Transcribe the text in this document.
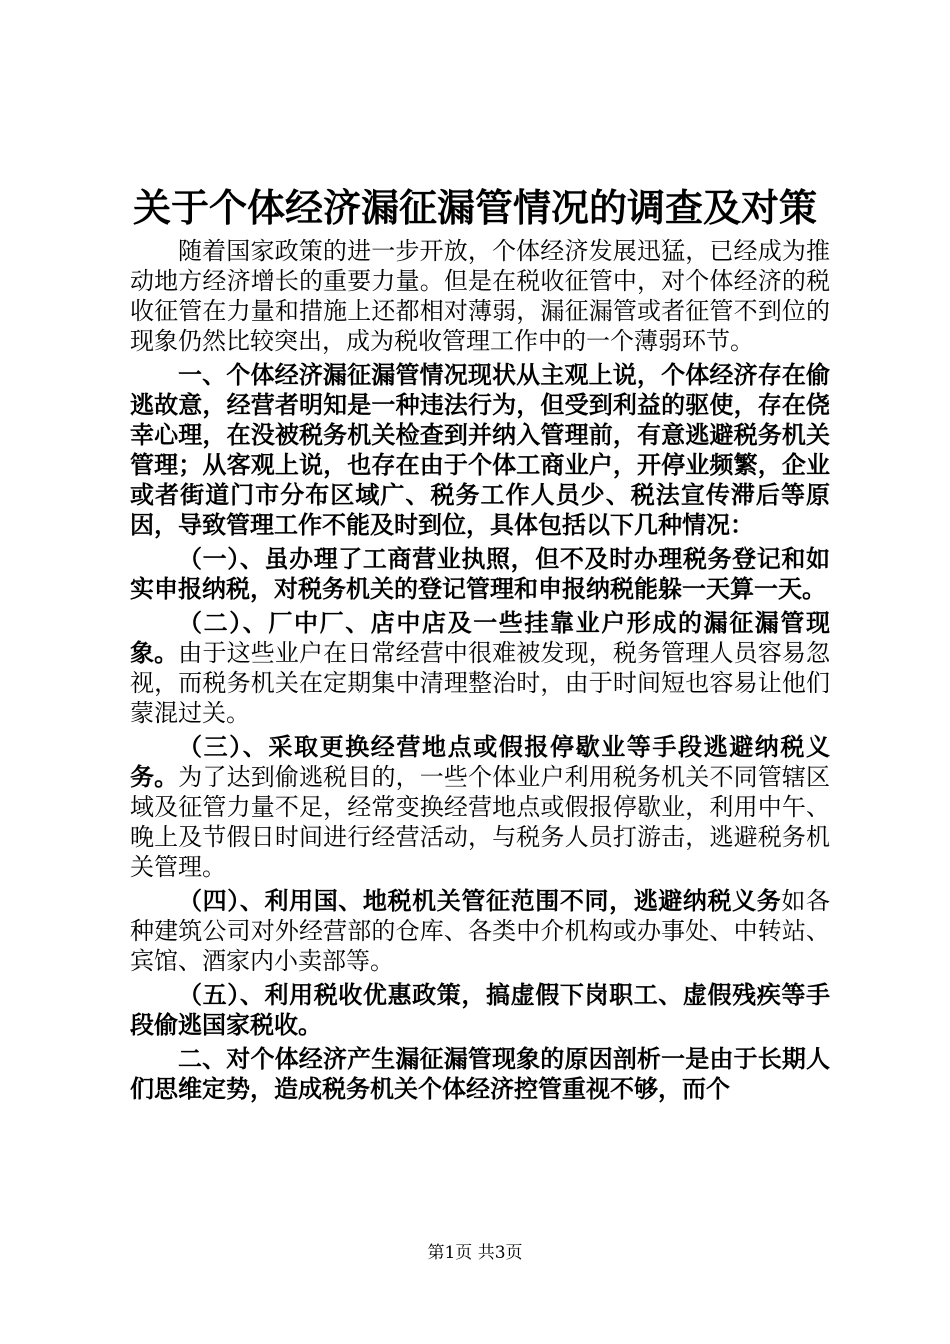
关于个体经济漏征漏管情况的调查及对策

随着国家政策的进一步开放，个体经济发展迅猛，已经成为推动地方经济增长的重要力量。但是在税收征管中，对个体经济的税收征管在力量和措施上还都相对薄弱，漏征漏管或者征管不到位的现象仍然比较突出，成为税收管理工作中的一个薄弱环节。

一、个体经济漏征漏管情况现状从主观上说，个体经济存在偷逃故意，经营者明知是一种违法行为，但受到利益的驱使，存在侥幸心理，在没被税务机关检查到并纳入管理前，有意逃避税务机关管理；从客观上说，也存在由于个体工商业户，开停业频繁，企业或者街道门市分布区域广、税务工作人员少、税法宣传滞后等原因，导致管理工作不能及时到位，具体包括以下几种情况：

（一）、虽办理了工商营业执照，但不及时办理税务登记和如实申报纳税，对税务机关的登记管理和申报纳税能躲一天算一天。

（二）、厂中厂、店中店及一些挂靠业户形成的漏征漏管现象。由于这些业户在日常经营中很难被发现，税务管理人员容易忽视，而税务机关在定期集中清理整治时，由于时间短也容易让他们蒙混过关。

（三）、采取更换经营地点或假报停歇业等手段逃避纳税义务。为了达到偷逃税目的，一些个体业户利用税务机关不同管辖区域及征管力量不足，经常变换经营地点或假报停歇业，利用中午、晚上及节假日时间进行经营活动，与税务人员打游击，逃避税务机关管理。

（四）、利用国、地税机关管征范围不同，逃避纳税义务如各种建筑公司对外经营部的仓库、各类中介机构或办事处、中转站、宾馆、酒家内小卖部等。

（五）、利用税收优惠政策，搞虚假下岗职工、虚假残疾等手段偷逃国家税收。

二、对个体经济产生漏征漏管现象的原因剖析一是由于长期人们思维定势，造成税务机关个体经济控管重视不够，而个

第1页 共3页
